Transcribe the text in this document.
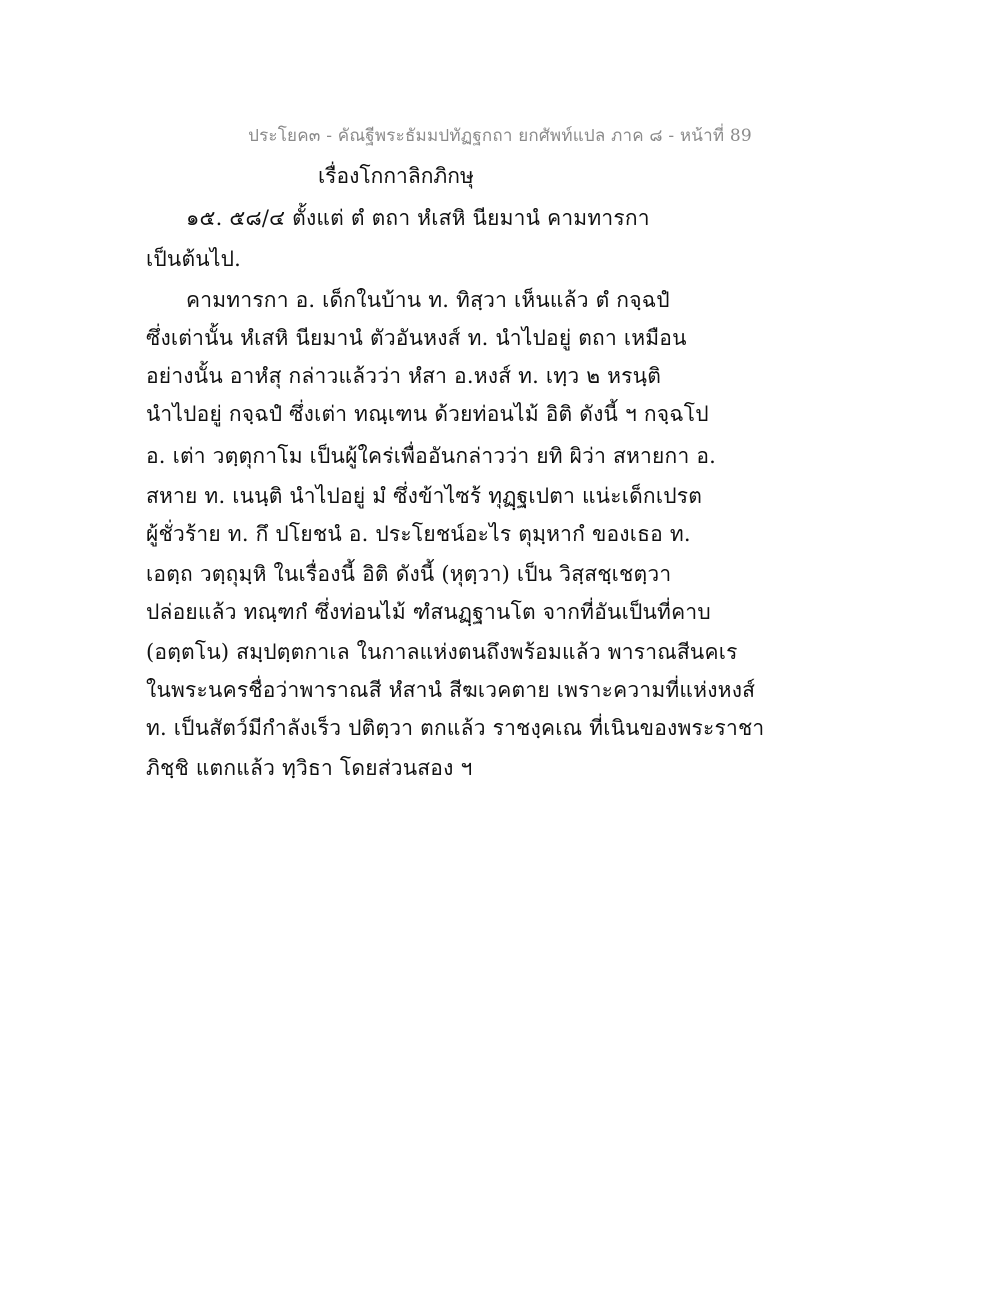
ประโยค๓ - คัณฐีพระธัมมปทัฏฐกถา ยกศัพท์แปล ภาค ๘ - หน้าที่ 89
เรื่องโกกาลิกภิกษุ
๑๕. ๕๘/๔ ตั้งแต่ ตํ ตถา หํเสหิ นียมานํ คามทารกา
เป็นต้นไป.
คามทารกา อ. เด็กในบ้าน ท. ทิสฺวา เห็นแล้ว ตํ กจฺฉปํ
ซึ่งเต่านั้น หํเสหิ นียมานํ ตัวอันหงส์ ท. นำไปอยู่ ตถา เหมือน
อย่างนั้น อาหํสุ กล่าวแล้วว่า หํสา อ.หงส์ ท. เทฺว ๒ หรนฺติ
นำไปอยู่ กจฺฉปํ ซึ่งเต่า ทณฺเฑน ด้วยท่อนไม้ อิติ ดังนี้ ฯ กจฺฉโป
อ. เต่า วตฺตุกาโม เป็นผู้ใคร่เพื่ออันกล่าวว่า ยทิ ผิว่า สหายกา อ.
สหาย ท. เนนฺติ นำไปอยู่ มํ ซึ่งข้าไซร้ ทุฏฺฐเปตา แน่ะเด็กเปรต
ผู้ชั่วร้าย ท. กึ ปโยชนํ อ. ประโยชน์อะไร ตุมฺหากํ ของเธอ ท.
เอตฺถ วตฺถุมฺหิ ในเรื่องนี้ อิติ ดังนี้ (หุตฺวา) เป็น วิสฺสชฺเชตฺวา
ปล่อยแล้ว ทณฺฑกํ ซึ่งท่อนไม้ ฑํสนฏฺฐานโต จากที่อันเป็นที่คาบ
(อตฺตโน) สมฺปตฺตกาเล ในกาลแห่งตนถึงพร้อมแล้ว พาราณสีนคเร
ในพระนครชื่อว่าพาราณสี หํสานํ สีฆเวคตาย เพราะความที่แห่งหงส์
ท. เป็นสัตว์มีกำลังเร็ว ปติตฺวา ตกแล้ว ราชงฺคเณ ที่เนินของพระราชา
ภิชฺชิ แตกแล้ว ทฺวิธา โดยส่วนสอง ฯ
